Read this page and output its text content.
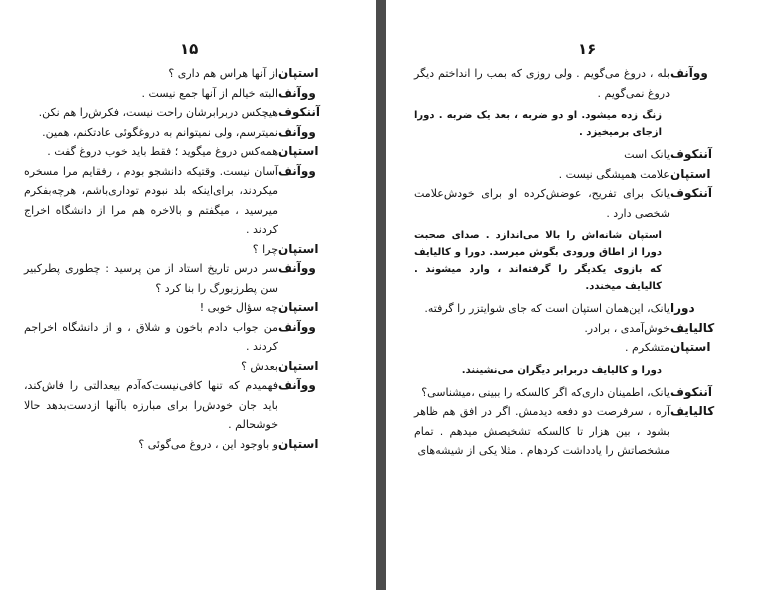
۱۵
استپان
از آنها هراس هم داری ؟
ووآنف
البته خیالم از آنها جمع نیست .
آننکوف
هیچکس دربرابرشان راحت نیست، فکرش‌را هم نکن.
ووآنف
نمیترسم، ولی نمیتوانم به دروغگوئی عادتکنم، همین.
استپان
همه‌کس دروغ میگوید ؛ فقط باید خوب دروغ گفت .
ووآنف
آسان نیست. وقتیکه دانشجو بودم ، رفقایم مرا مسخره میکردند، برای‌اینکه بلد نبودم توداری‌باشم، هرچه‌بفکرم میرسید ، میگفتم و بالاخره هم مرا از دانشگاه اخراج کردند .
استپان
چرا ؟
ووآنف
سر درس تاریخ استاد از من پرسید : چطوری پطرکبیر سن پطرزبورگ را بنا کرد ؟
استپان
چه سؤال خوبی !
ووآنف
من جواب دادم باخون و شلاق ، و از دانشگاه اخراجم کردند .
استپان
بعدش ؟
ووآنف
فهمیدم که تنها کافی‌نیست‌که‌آدم بیعدالتی را فاش‌کند، باید جان خودش‌را برای مبارزه باآنها ازدست‌بدهد حالا خوشحالم .
استپان
و باوجود این ، دروغ می‌گوئی ؟
۱۶
ووآنف
بله ، دروغ می‌گویم . ولی روزی که بمب را انداختم دیگر دروغ نمی‌گویم .
زنگ زده میشود. او دو ضربه ، بعد یک ضربه . دورا ازجای برمیخیزد .
آننکوف
یانک است
استپان
علامت همیشگی نیست .
آننکوف
یانک برای تفریح، عوضش‌کرده او برای خودش‌علامت شخصی دارد .
استپان شانه‌اش را بالا می‌اندازد . صدای صحبت دورا از اطاق ورودی بگوش میرسد. دورا و کالیایف که بازوی یکدیگر را گرفته‌اند ، وارد میشوند . کالیایف میخندد.
دورا
یانک، این‌همان استپان است که جای شوایتزر را گرفته.
کالیایف
خوش‌آمدی ، برادر.
استپان
متشکرم .
دورا و کالیایف دربرابر دیگران می‌نشینند.
آننکوف
یانک، اطمینان داری‌که اگر کالسکه را ببینی ،میشناسی؟
کالیایف
آره ، سرفرصت دو دفعه دیدمش. اگر در افق هم ظاهر بشود ، بین هزار تا کالسکه تشخیصش میدهم . تمام مشخصاتش را یادداشت کردهام . مثلا یکی از شیشه‌های
